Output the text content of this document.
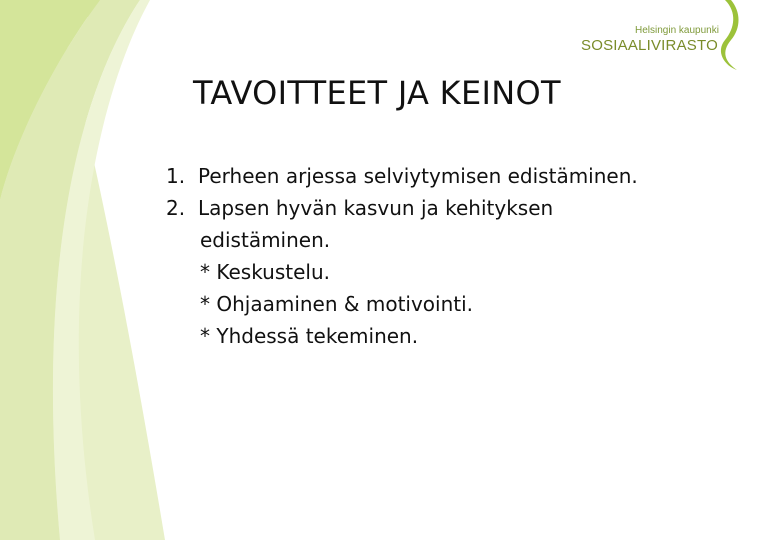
Helsingin kaupunki
SOSIAALIVIRASTO
TAVOITTEET JA KEINOT
1. Perheen arjessa selviytymisen edistäminen.
2. Lapsen hyvän kasvun ja kehityksen
edistäminen.
* Keskustelu.
* Ohjaaminen & motivointi.
* Yhdessä tekeminen.
